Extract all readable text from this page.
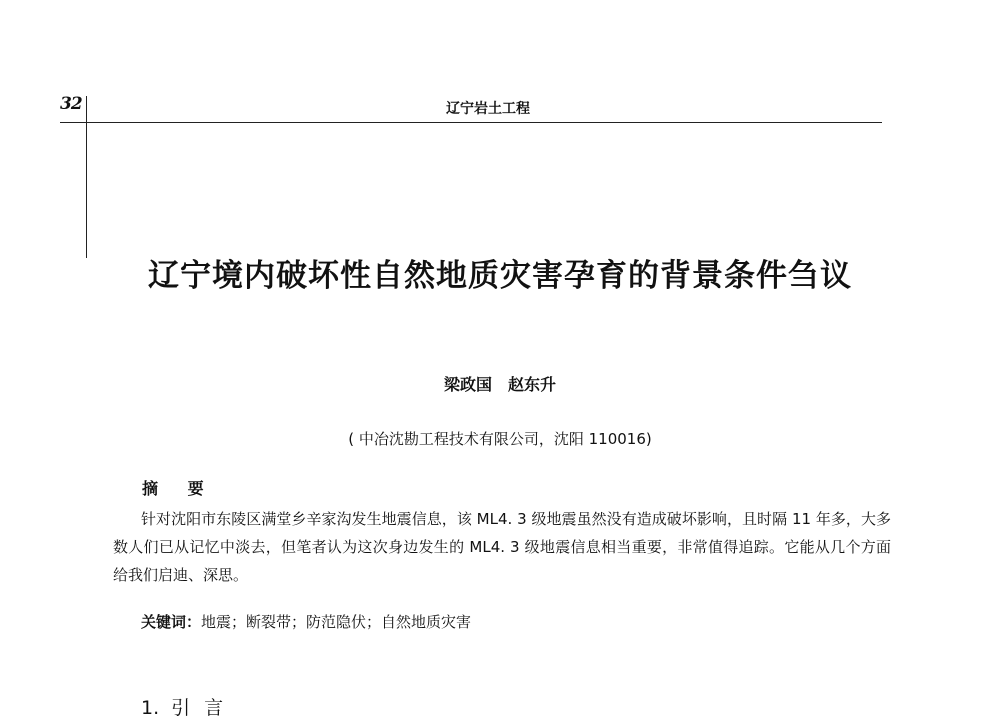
32	辽宁岩土工程
辽宁境内破坏性自然地质灾害孕育的背景条件刍议
梁政国　赵东升
( 中冶沈勘工程技术有限公司，沈阳 110016)
摘 要
针对沈阳市东陵区满堂乡辛家沟发生地震信息，该 ML4. 3 级地震虽然没有造成破坏影响，且时隔 11 年多，大多数人们已从记忆中淡去，但笔者认为这次身边发生的 ML4. 3 级地震信息相当重要，非常值得追踪。它能从几个方面给我们启迪、深思。
关键词：地震；断裂带；防范隐伏；自然地质灾害
1. 引言
